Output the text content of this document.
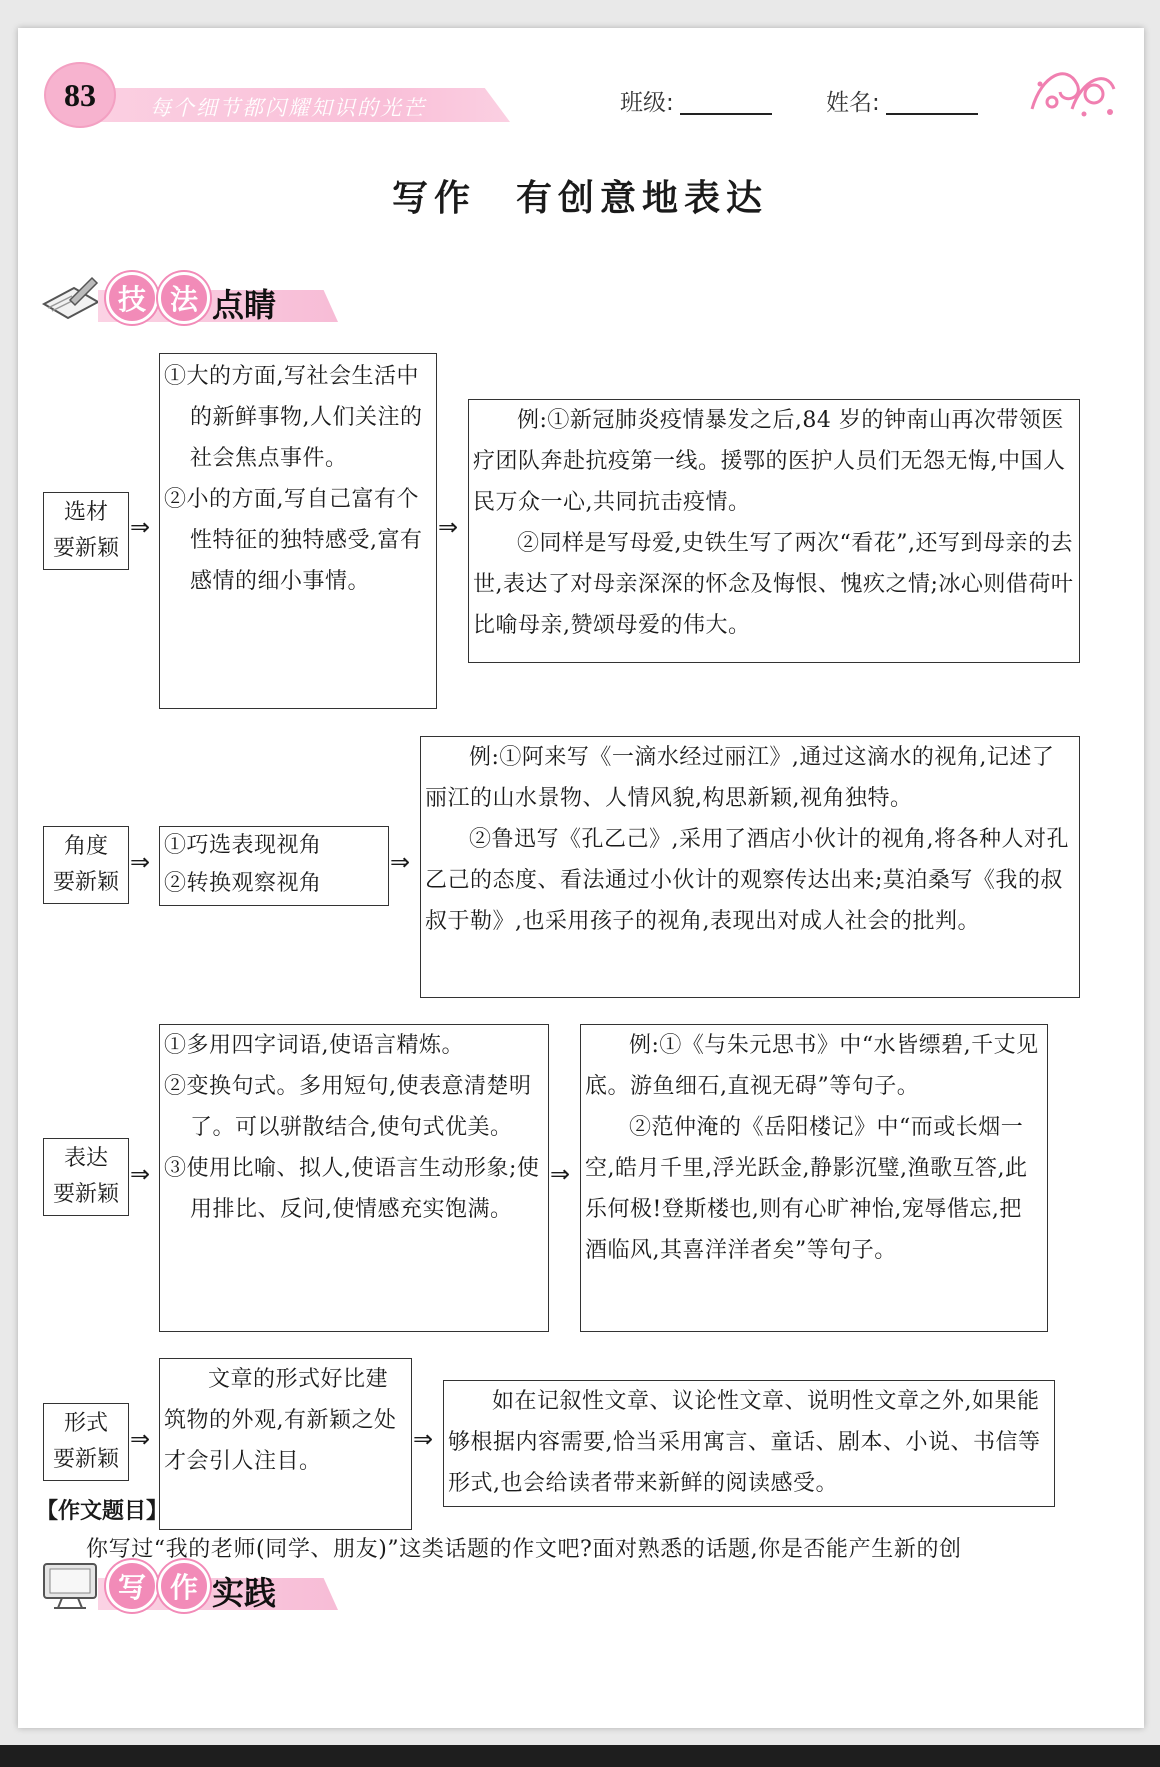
83	每个细节都闪耀知识的光芒	班级:	姓名:
写作 有创意地表达
技 法 点睛
选材
要新颖
⇒

①大的方面,写社会生活中的新鲜事物,人们关注的社会焦点事件。

②小的方面,写自己富有个性特征的独特感受,富有感情的细小事情。

⇒

例:①新冠肺炎疫情暴发之后,84 岁的钟南山再次带领医疗团队奔赴抗疫第一线。援鄂的医护人员们无怨无悔,中国人民万众一心,共同抗击疫情。

②同样是写母爱,史铁生写了两次“看花”,还写到母亲的去世,表达了对母亲深深的怀念及悔恨、愧疚之情;冰心则借荷叶比喻母亲,赞颂母爱的伟大。

角度
要新颖
⇒

①巧选表现视角

②转换观察视角

⇒

例:①阿来写《一滴水经过丽江》,通过这滴水的视角,记述了丽江的山水景物、人情风貌,构思新颖,视角独特。

②鲁迅写《孔乙己》,采用了酒店小伙计的视角,将各种人对孔乙己的态度、看法通过小伙计的观察传达出来;莫泊桑写《我的叔叔于勒》,也采用孩子的视角,表现出对成人社会的批判。

表达
要新颖
⇒

①多用四字词语,使语言精炼。

②变换句式。多用短句,使表意清楚明了。可以骈散结合,使句式优美。

③使用比喻、拟人,使语言生动形象;使用排比、反问,使情感充实饱满。

⇒

例:①《与朱元思书》中“水皆缥碧,千丈见底。游鱼细石,直视无碍”等句子。

②范仲淹的《岳阳楼记》中“而或长烟一空,皓月千里,浮光跃金,静影沉璧,渔歌互答,此乐何极!登斯楼也,则有心旷神怡,宠辱偕忘,把酒临风,其喜洋洋者矣”等句子。

形式
要新颖
⇒

文章的形式好比建筑物的外观,有新颖之处才会引人注目。

⇒

如在记叙性文章、议论性文章、说明性文章之外,如果能够根据内容需要,恰当采用寓言、童话、剧本、小说、书信等形式,也会给读者带来新鲜的阅读感受。

写 作 实践
【作文题目】
你写过“我的老师(同学、朋友)”这类话题的作文吧?面对熟悉的话题,你是否能产生新的创
